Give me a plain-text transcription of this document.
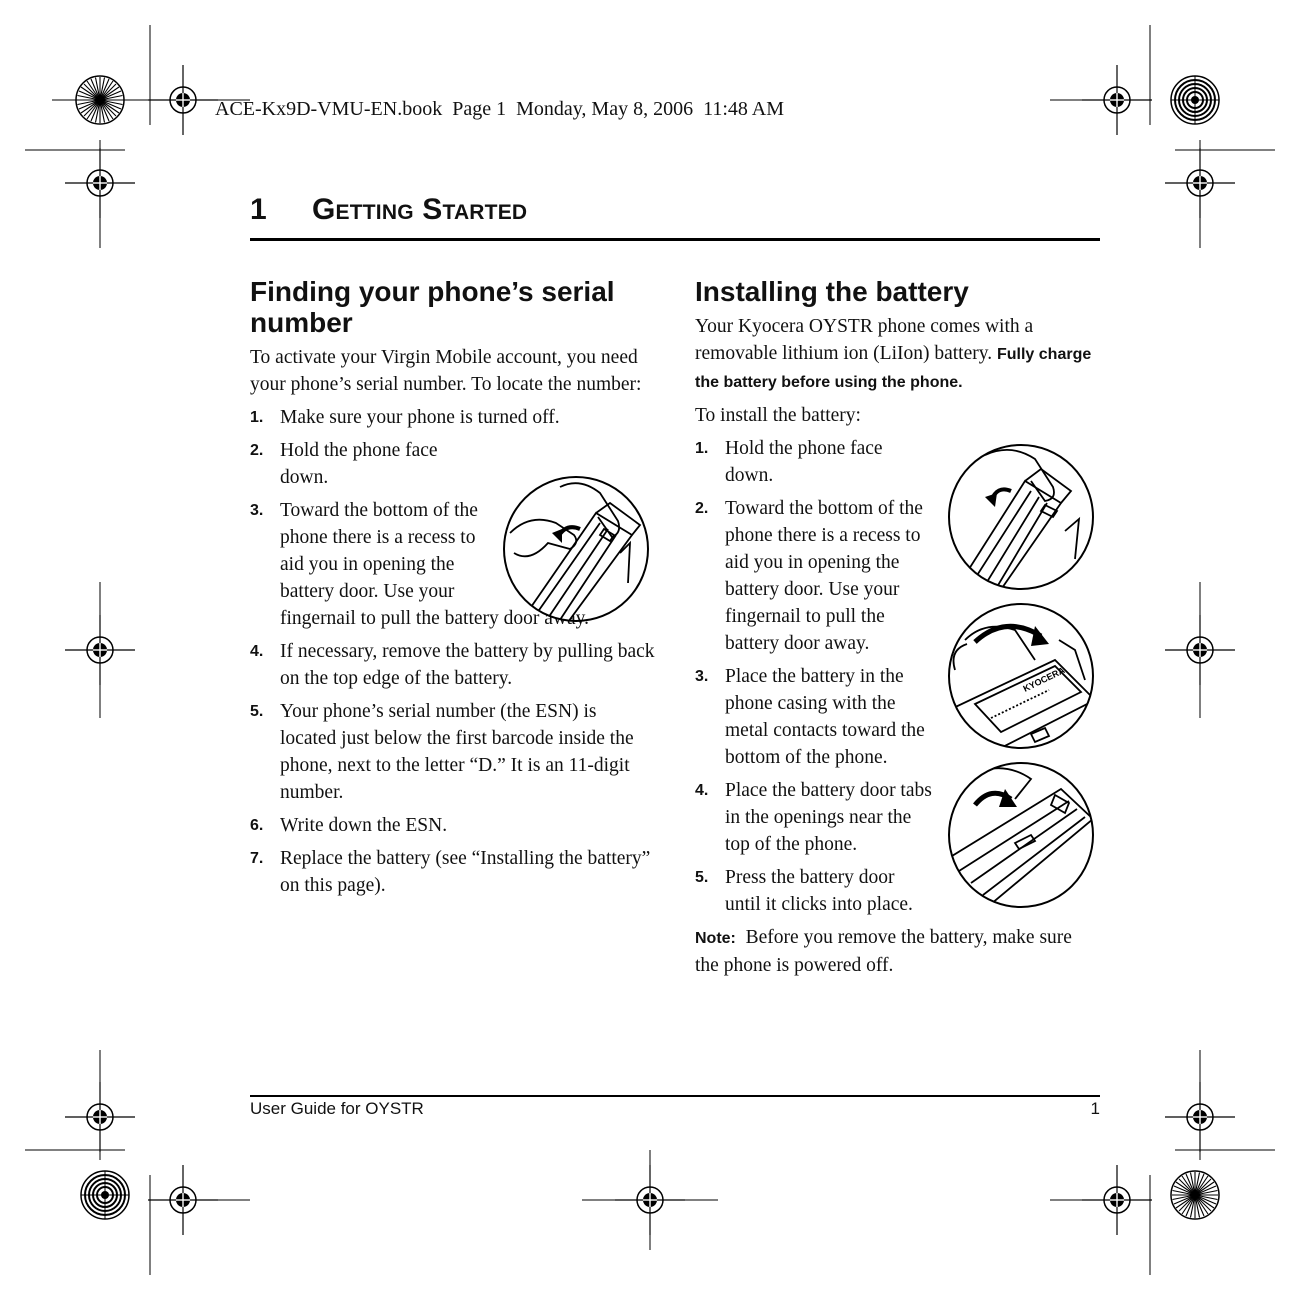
ACE-Kx9D-VMU-EN.book  Page 1  Monday, May 8, 2006  11:48 AM
1 Getting Started
Finding your phone’s serial number

To activate your Virgin Mobile account, you need your phone’s serial number. To locate the number:

1. Make sure your phone is turned off.
2. Hold the phone face down.
3. Toward the bottom of the phone there is a recess to aid you in opening the battery door. Use your
fingernail to pull the battery door away.
4. If necessary, remove the battery by pulling back on the top edge of the battery.
5. Your phone’s serial number (the ESN) is located just below the first barcode inside the phone, next to the letter “D.” It is an 11-digit number.
6. Write down the ESN.
7. Replace the battery (see “Installing the battery” on this page).
Installing the battery

Your Kyocera OYSTR phone comes with a removable lithium ion (LiIon) battery. Fully charge the battery before using the phone.

To install the battery:

1. Hold the phone face down.
2. Toward the bottom of the phone there is a recess to aid you in opening the battery door. Use your fingernail to pull the battery door away.
3. Place the battery in the phone casing with the metal contacts toward the bottom of the phone.
4. Place the battery door tabs in the openings near the top of the phone.
5. Press the battery door until it clicks into place.

Note: Before you remove the battery, make sure the phone is powered off.

KYOCERA
User Guide for OYSTR	1
